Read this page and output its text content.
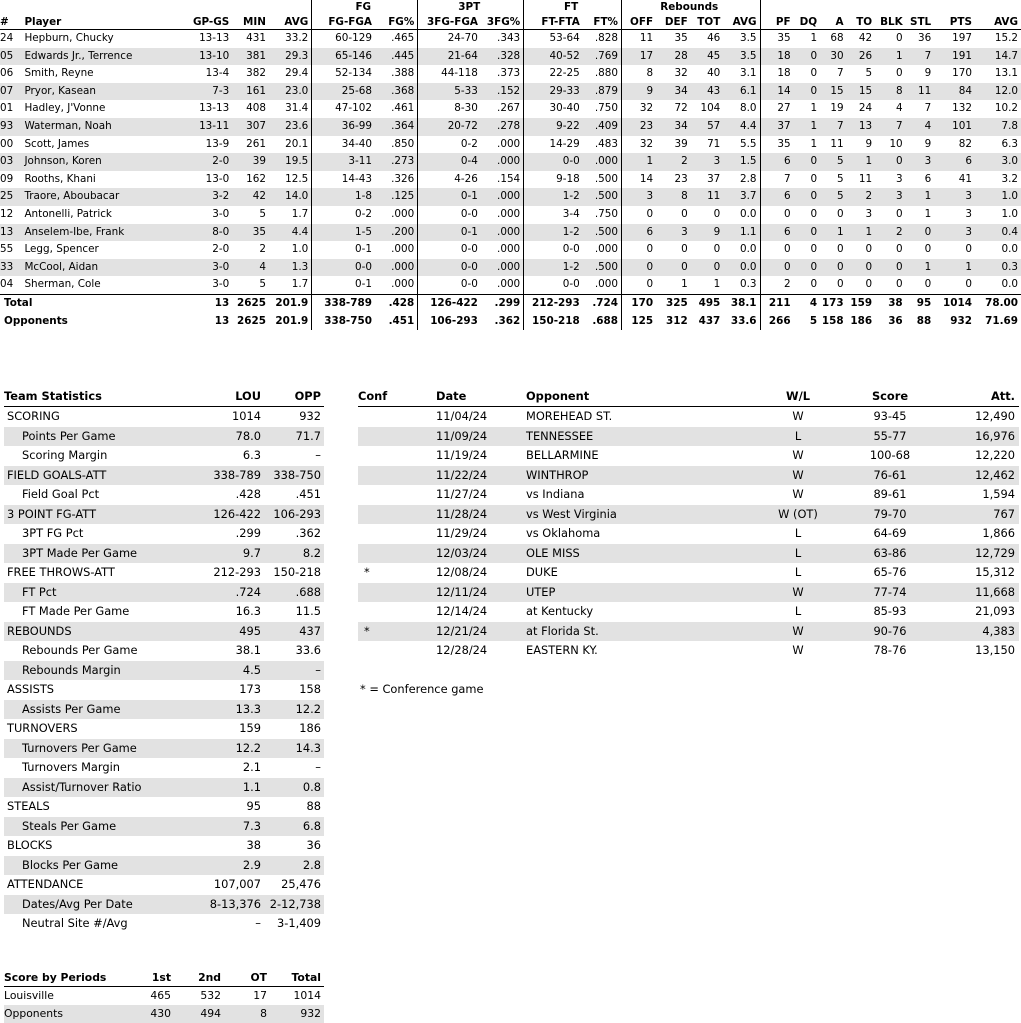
					FG		3PT		FT		Rebounds											
#	Player	GP-GS	MIN	AVG	FG-FGA	FG%	3FG-FGA	3FG%	FT-FTA	FT%	OFF	DEF	TOT	AVG	PF	DQ	A	TO	BLK	STL	PTS	AVG
24	Hepburn, Chucky	13-13	431	33.2	60-129	.465	24-70	.343	53-64	.828	11	35	46	3.5	35	1	68	42	0	36	197	15.2
05	Edwards Jr., Terrence	13-10	381	29.3	65-146	.445	21-64	.328	40-52	.769	17	28	45	3.5	18	0	30	26	1	7	191	14.7
06	Smith, Reyne	13-4	382	29.4	52-134	.388	44-118	.373	22-25	.880	8	32	40	3.1	18	0	7	5	0	9	170	13.1
07	Pryor, Kasean	7-3	161	23.0	25-68	.368	5-33	.152	29-33	.879	9	34	43	6.1	14	0	15	15	8	11	84	12.0
01	Hadley, J'Vonne	13-13	408	31.4	47-102	.461	8-30	.267	30-40	.750	32	72	104	8.0	27	1	19	24	4	7	132	10.2
93	Waterman, Noah	13-11	307	23.6	36-99	.364	20-72	.278	9-22	.409	23	34	57	4.4	37	1	7	13	7	4	101	7.8
00	Scott, James	13-9	261	20.1	34-40	.850	0-2	.000	14-29	.483	32	39	71	5.5	35	1	11	9	10	9	82	6.3
03	Johnson, Koren	2-0	39	19.5	3-11	.273	0-4	.000	0-0	.000	1	2	3	1.5	6	0	5	1	0	3	6	3.0
09	Rooths, Khani	13-0	162	12.5	14-43	.326	4-26	.154	9-18	.500	14	23	37	2.8	7	0	5	11	3	6	41	3.2
25	Traore, Aboubacar	3-2	42	14.0	1-8	.125	0-1	.000	1-2	.500	3	8	11	3.7	6	0	5	2	3	1	3	1.0
12	Antonelli, Patrick	3-0	5	1.7	0-2	.000	0-0	.000	3-4	.750	0	0	0	0.0	0	0	0	3	0	1	3	1.0
13	Anselem-Ibe, Frank	8-0	35	4.4	1-5	.200	0-1	.000	1-2	.500	6	3	9	1.1	6	0	1	1	2	0	3	0.4
55	Legg, Spencer	2-0	2	1.0	0-1	.000	0-0	.000	0-0	.000	0	0	0	0.0	0	0	0	0	0	0	0	0.0
33	McCool, Aidan	3-0	4	1.3	0-0	.000	0-0	.000	1-2	.500	0	0	0	0.0	0	0	0	0	0	1	1	0.3
04	Sherman, Cole	3-0	5	1.7	0-1	.000	0-0	.000	0-0	.000	0	1	1	0.3	2	0	0	0	0	0	0	0.0
Total		13	2625	201.9	338-789	.428	126-422	.299	212-293	.724	170	325	495	38.1	211	4	173	159	38	95	1014	78.00
Opponents		13	2625	201.9	338-750	.451	106-293	.362	150-218	.688	125	312	437	33.6	266	5	158	186	36	88	932	71.69
Team Statistics	LOU	OPP
SCORING	1014	932
Points Per Game	78.0	71.7
Scoring Margin	6.3	–
FIELD GOALS-ATT	338-789	338-750
Field Goal Pct	.428	.451
3 POINT FG-ATT	126-422	106-293
3PT FG Pct	.299	.362
3PT Made Per Game	9.7	8.2
FREE THROWS-ATT	212-293	150-218
FT Pct	.724	.688
FT Made Per Game	16.3	11.5
REBOUNDS	495	437
Rebounds Per Game	38.1	33.6
Rebounds Margin	4.5	–
ASSISTS	173	158
Assists Per Game	13.3	12.2
TURNOVERS	159	186
Turnovers Per Game	12.2	14.3
Turnovers Margin	2.1	–
Assist/Turnover Ratio	1.1	0.8
STEALS	95	88
Steals Per Game	7.3	6.8
BLOCKS	38	36
Blocks Per Game	2.9	2.8
ATTENDANCE	107,007	25,476
Dates/Avg Per Date	8-13,376	2-12,738
Neutral Site #/Avg	–	3-1,409
Conf	Date	Opponent	W/L	Score	Att.
	11/04/24	MOREHEAD ST.	W	93-45	12,490
	11/09/24	TENNESSEE	L	55-77	16,976
	11/19/24	BELLARMINE	W	100-68	12,220
	11/22/24	WINTHROP	W	76-61	12,462
	11/27/24	vs Indiana	W	89-61	1,594
	11/28/24	vs West Virginia	W (OT)	79-70	767
	11/29/24	vs Oklahoma	L	64-69	1,866
	12/03/24	OLE MISS	L	63-86	12,729
*	12/08/24	DUKE	L	65-76	15,312
	12/11/24	UTEP	W	77-74	11,668
	12/14/24	at Kentucky	L	85-93	21,093
*	12/21/24	at Florida St.	W	90-76	4,383
	12/28/24	EASTERN KY.	W	78-76	13,150
* = Conference game
Score by Periods	1st	2nd	OT	Total
Louisville	465	532	17	1014
Opponents	430	494	8	932
